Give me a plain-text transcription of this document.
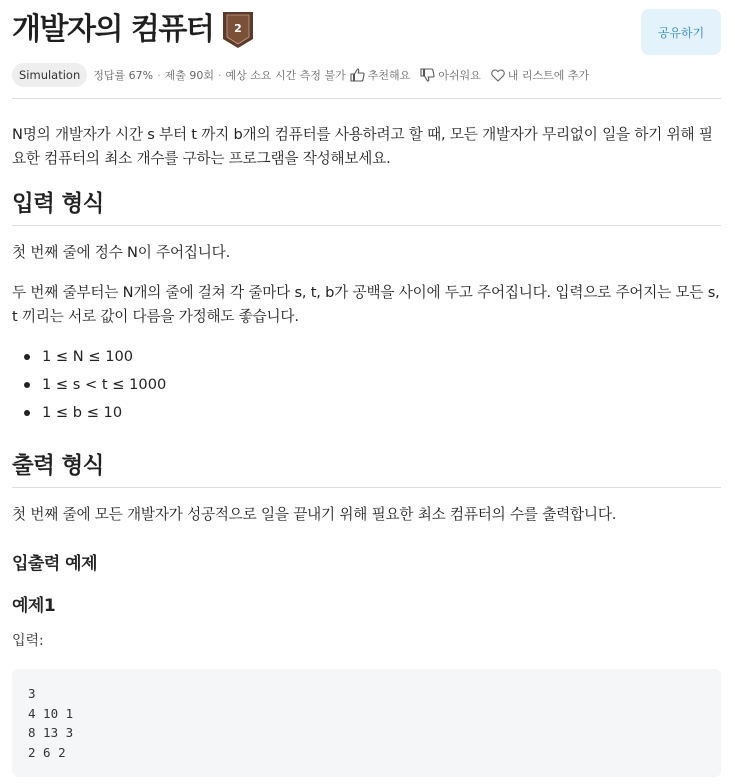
개발자의 컴퓨터 2	공유하기
Simulation	정답률 67% · 제출 90회 · 예상 소요 시간 측정 불가 추천해요	아쉬워요 내 리스트에 추가

N명의 개발자가 시간 s 부터 t 까지 b개의 컴퓨터를 사용하려고 할 때, 모든 개발자가 무리없이 일을 하기 위해 필요한 컴퓨터의 최소 개수를 구하는 프로그램을 작성해보세요.

입력 형식

첫 번째 줄에 정수 N이 주어집니다.

두 번째 줄부터는 N개의 줄에 걸쳐 각 줄마다 s, t, b가 공백을 사이에 두고 주어집니다. 입력으로 주어지는 모든 s, t 끼리는 서로 값이 다름을 가정해도 좋습니다.

1 ≤ N ≤ 100
1 ≤ s < t ≤ 1000
1 ≤ b ≤ 10
출력 형식

첫 번째 줄에 모든 개발자가 성공적으로 일을 끝내기 위해 필요한 최소 컴퓨터의 수를 출력합니다.

입출력 예제
예제1
입력:
3
4 10 1
8 13 3
2 6 2
